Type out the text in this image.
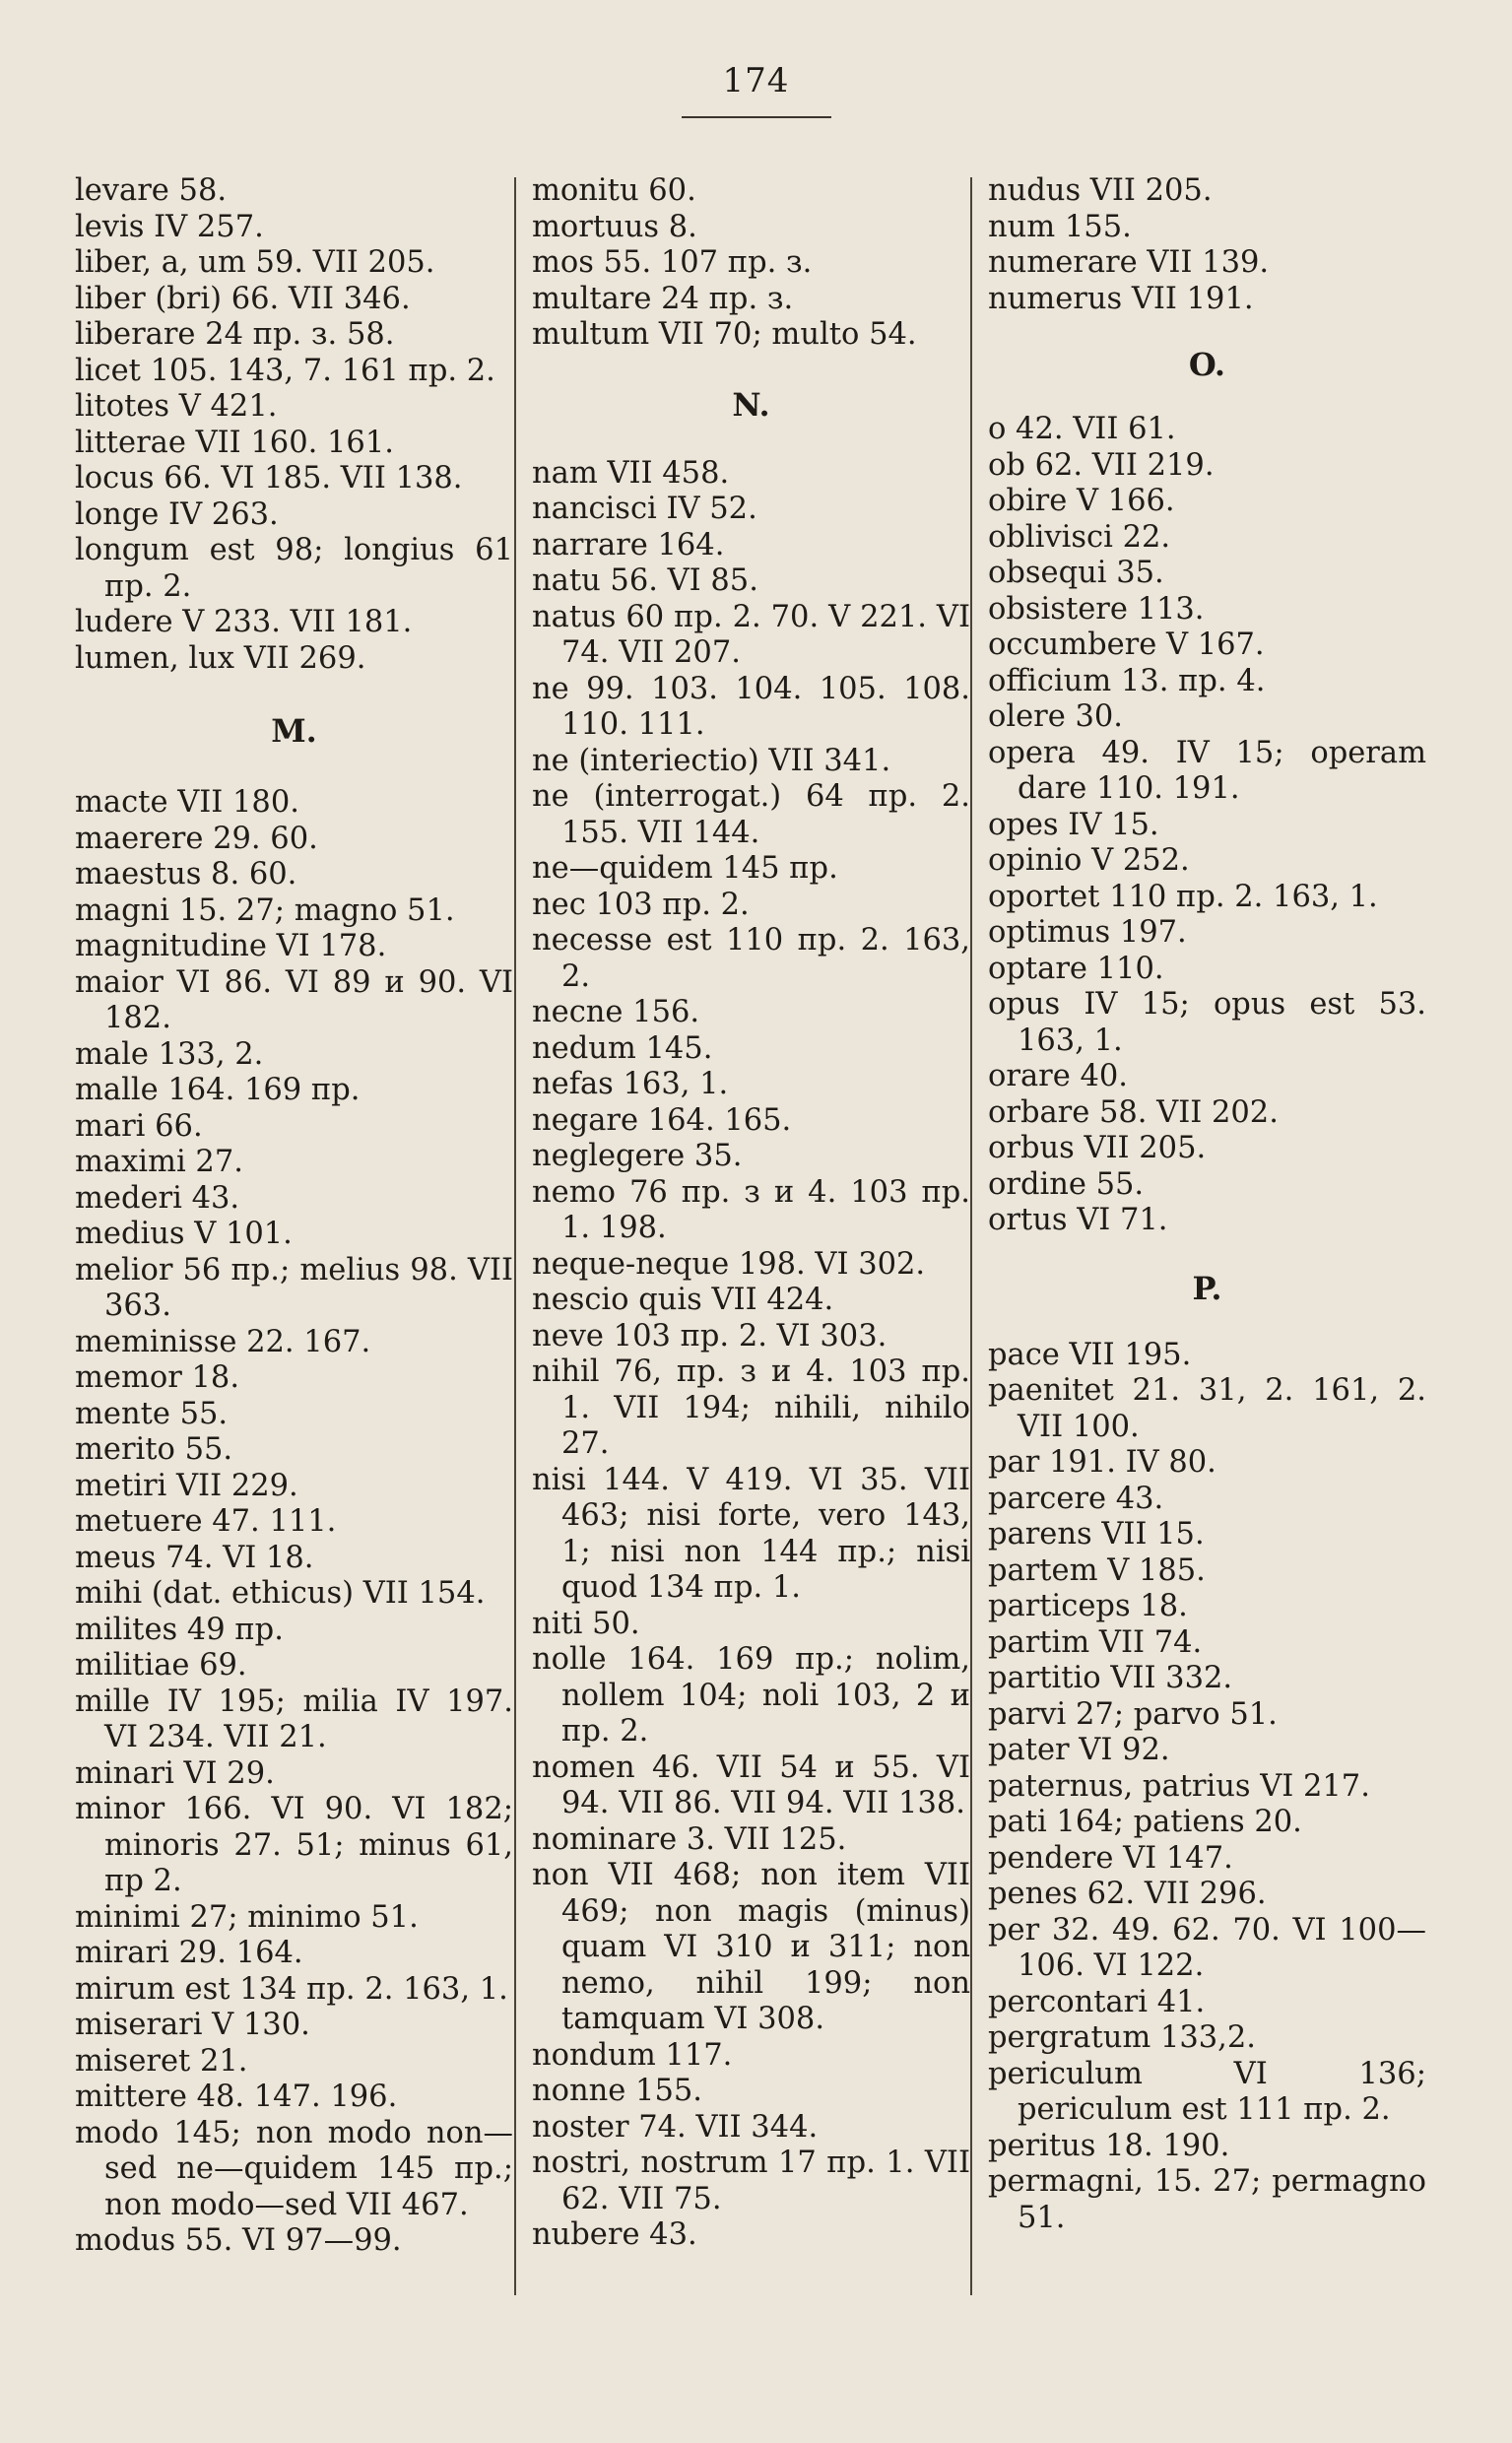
174
levare 58.
levis IV 257.
liber, a, um 59. VII 205.
liber (bri) 66. VII 346.
liberare 24 пр. з. 58.
licet 105. 143, 7. 161 пр. 2.
litotes V 421.
litterae VII 160. 161.
locus 66. VI 185. VII 138.
longe IV 263.
longum est 98; longius 61 пр. 2.
ludere V 233. VII 181.
lumen, lux VII 269.
M.
macte VII 180.
maerere 29. 60.
maestus 8. 60.
magni 15. 27; magno 51.
magnitudine VI 178.
maior VI 86. VI 89 и 90. VI 182.
male 133, 2.
malle 164. 169 пр.
mari 66.
maximi 27.
mederi 43.
medius V 101.
melior 56 пр.; melius 98. VII 363.
meminisse 22. 167.
memor 18.
mente 55.
merito 55.
metiri VII 229.
metuere 47. 111.
meus 74. VI 18.
mihi (dat. ethicus) VII 154.
milites 49 пр.
militiae 69.
mille IV 195; milia IV 197. VI 234. VII 21.
minari VI 29.
minor 166. VI 90. VI 182; minoris 27. 51; minus 61, пр 2.
minimi 27; minimo 51.
mirari 29. 164.
mirum est 134 пр. 2. 163, 1.
miserari V 130.
miseret 21.
mittere 48. 147. 196.
modo 145; non modo non—sed ne—quidem 145 пр.; non modo—sed VII 467.
modus 55. VI 97—99.
monitu 60.
mortuus 8.
mos 55. 107 пр. з.
multare 24 пр. з.
multum VII 70; multo 54.
N.
nam VII 458.
nancisci IV 52.
narrare 164.
natu 56. VI 85.
natus 60 пр. 2. 70. V 221. VI 74. VII 207.
ne 99. 103. 104. 105. 108. 110. 111.
ne (interiectio) VII 341.
ne (interrogat.) 64 пр. 2. 155. VII 144.
ne—quidem 145 пр.
nec 103 пр. 2.
necesse est 110 пр. 2. 163, 2.
necne 156.
nedum 145.
nefas 163, 1.
negare 164. 165.
neglegere 35.
nemo 76 пр. з и 4. 103 пр. 1. 198.
neque-neque 198. VI 302.
nescio quis VII 424.
neve 103 пр. 2. VI 303.
nihil 76, пр. з и 4. 103 пр. 1. VII 194; nihili, nihilo 27.
nisi 144. V 419. VI 35. VII 463; nisi forte, vero 143, 1; nisi non 144 пр.; nisi quod 134 пр. 1.
niti 50.
nolle 164. 169 пр.; nolim, nollem 104; noli 103, 2 и пр. 2.
nomen 46. VII 54 и 55. VI 94. VII 86. VII 94. VII 138.
nominare 3. VII 125.
non VII 468; non item VII 469; non magis (minus) quam VI 310 и 311; non nemo, nihil 199; non tamquam VI 308.
nondum 117.
nonne 155.
noster 74. VII 344.
nostri, nostrum 17 пр. 1. VII 62. VII 75.
nubere 43.
nudus VII 205.
num 155.
numerare VII 139.
numerus VII 191.
O.
o 42. VII 61.
ob 62. VII 219.
obire V 166.
oblivisci 22.
obsequi 35.
obsistere 113.
occumbere V 167.
officium 13. пр. 4.
olere 30.
opera 49. IV 15; operam dare 110. 191.
opes IV 15.
opinio V 252.
oportet 110 пр. 2. 163, 1.
optimus 197.
optare 110.
opus IV 15; opus est 53. 163, 1.
orare 40.
orbare 58. VII 202.
orbus VII 205.
ordine 55.
ortus VI 71.
P.
pace VII 195.
paenitet 21. 31, 2. 161, 2. VII 100.
par 191. IV 80.
parcere 43.
parens VII 15.
partem V 185.
particeps 18.
partim VII 74.
partitio VII 332.
parvi 27; parvo 51.
pater VI 92.
paternus, patrius VI 217.
pati 164; patiens 20.
pendere VI 147.
penes 62. VII 296.
per 32. 49. 62. 70. VI 100—106. VI 122.
percontari 41.
pergratum 133,2.
periculum VI 136; periculum est 111 пр. 2.
peritus 18. 190.
permagni, 15. 27; permagno 51.
